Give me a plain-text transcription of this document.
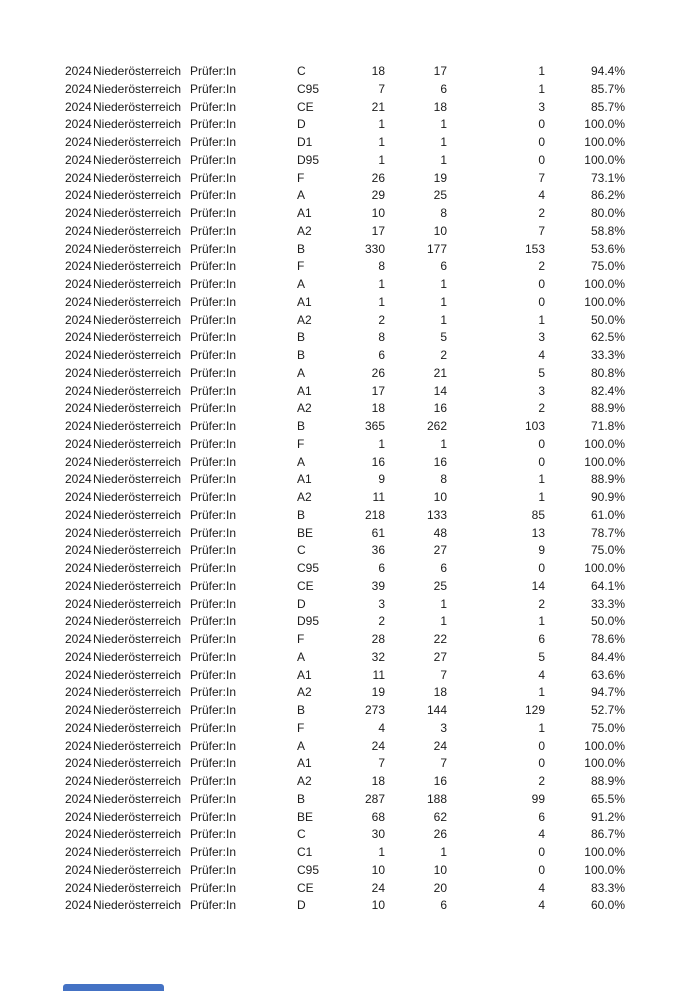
2024 Niederösterreich Prüfer:In	C	18	17	1	94.4%
2024 Niederösterreich Prüfer:In	C95	7	6	1	85.7%
2024 Niederösterreich Prüfer:In	CE	21	18	3	85.7%
2024 Niederösterreich Prüfer:In	D	1	1	0	100.0%
2024 Niederösterreich Prüfer:In	D1	1	1	0	100.0%
2024 Niederösterreich Prüfer:In	D95	1	1	0	100.0%
2024 Niederösterreich Prüfer:In	F	26	19	7	73.1%
2024 Niederösterreich Prüfer:In	A	29	25	4	86.2%
2024 Niederösterreich Prüfer:In	A1	10	8	2	80.0%
2024 Niederösterreich Prüfer:In	A2	17	10	7	58.8%
2024 Niederösterreich Prüfer:In	B	330	177	153	53.6%
2024 Niederösterreich Prüfer:In	F	8	6	2	75.0%
2024 Niederösterreich Prüfer:In	A	1	1	0	100.0%
2024 Niederösterreich Prüfer:In	A1	1	1	0	100.0%
2024 Niederösterreich Prüfer:In	A2	2	1	1	50.0%
2024 Niederösterreich Prüfer:In	B	8	5	3	62.5%
2024 Niederösterreich Prüfer:In	B	6	2	4	33.3%
2024 Niederösterreich Prüfer:In	A	26	21	5	80.8%
2024 Niederösterreich Prüfer:In	A1	17	14	3	82.4%
2024 Niederösterreich Prüfer:In	A2	18	16	2	88.9%
2024 Niederösterreich Prüfer:In	B	365	262	103	71.8%
2024 Niederösterreich Prüfer:In	F	1	1	0	100.0%
2024 Niederösterreich Prüfer:In	A	16	16	0	100.0%
2024 Niederösterreich Prüfer:In	A1	9	8	1	88.9%
2024 Niederösterreich Prüfer:In	A2	11	10	1	90.9%
2024 Niederösterreich Prüfer:In	B	218	133	85	61.0%
2024 Niederösterreich Prüfer:In	BE	61	48	13	78.7%
2024 Niederösterreich Prüfer:In	C	36	27	9	75.0%
2024 Niederösterreich Prüfer:In	C95	6	6	0	100.0%
2024 Niederösterreich Prüfer:In	CE	39	25	14	64.1%
2024 Niederösterreich Prüfer:In	D	3	1	2	33.3%
2024 Niederösterreich Prüfer:In	D95	2	1	1	50.0%
2024 Niederösterreich Prüfer:In	F	28	22	6	78.6%
2024 Niederösterreich Prüfer:In	A	32	27	5	84.4%
2024 Niederösterreich Prüfer:In	A1	11	7	4	63.6%
2024 Niederösterreich Prüfer:In	A2	19	18	1	94.7%
2024 Niederösterreich Prüfer:In	B	273	144	129	52.7%
2024 Niederösterreich Prüfer:In	F	4	3	1	75.0%
2024 Niederösterreich Prüfer:In	A	24	24	0	100.0%
2024 Niederösterreich Prüfer:In	A1	7	7	0	100.0%
2024 Niederösterreich Prüfer:In	A2	18	16	2	88.9%
2024 Niederösterreich Prüfer:In	B	287	188	99	65.5%
2024 Niederösterreich Prüfer:In	BE	68	62	6	91.2%
2024 Niederösterreich Prüfer:In	C	30	26	4	86.7%
2024 Niederösterreich Prüfer:In	C1	1	1	0	100.0%
2024 Niederösterreich Prüfer:In	C95	10	10	0	100.0%
2024 Niederösterreich Prüfer:In	CE	24	20	4	83.3%
2024 Niederösterreich Prüfer:In	D	10	6	4	60.0%
